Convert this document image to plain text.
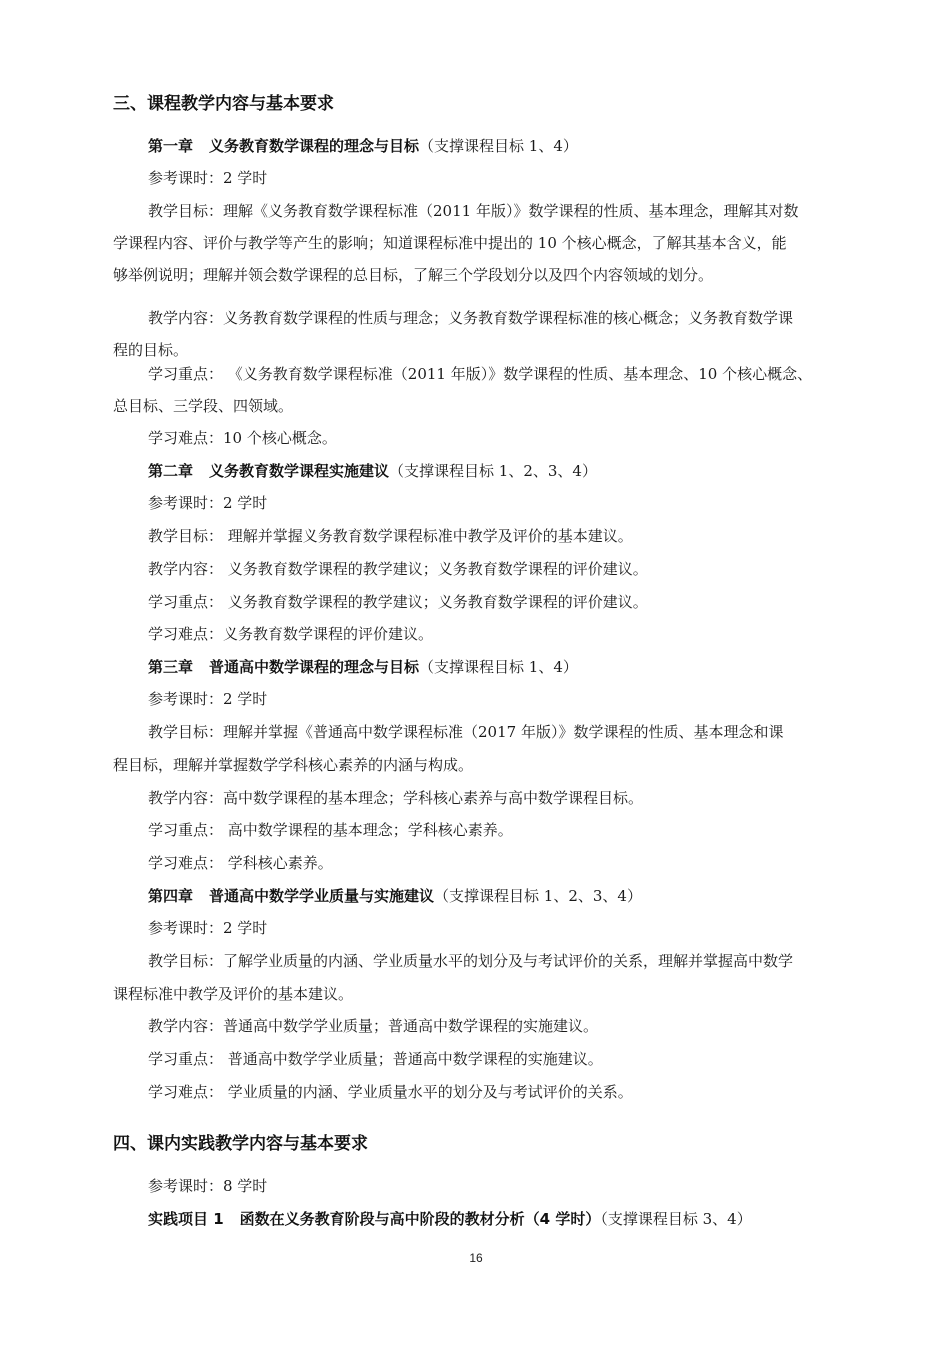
三、课程教学内容与基本要求
第一章 义务教育数学课程的理念与目标（支撑课程目标 1、4）
参考课时：2 学时
教学目标：理解《义务教育数学课程标准（2011 年版）》数学课程的性质、基本理念，理解其对数
学课程内容、评价与教学等产生的影响；知道课程标准中提出的 10 个核心概念，了解其基本含义，能
够举例说明；理解并领会数学课程的总目标，了解三个学段划分以及四个内容领域的划分。
教学内容：义务教育数学课程的性质与理念；义务教育数学课程标准的核心概念；义务教育数学课
程的目标。
学习重点： 《义务教育数学课程标准（2011 年版）》数学课程的性质、基本理念、10 个核心概念、
总目标、三学段、四领域。
学习难点：10 个核心概念。
第二章 义务教育数学课程实施建议（支撑课程目标 1、2、3、4）
参考课时：2 学时
教学目标： 理解并掌握义务教育数学课程标准中教学及评价的基本建议。
教学内容： 义务教育数学课程的教学建议；义务教育数学课程的评价建议。
学习重点： 义务教育数学课程的教学建议；义务教育数学课程的评价建议。
学习难点：义务教育数学课程的评价建议。
第三章 普通高中数学课程的理念与目标（支撑课程目标 1、4）
参考课时：2 学时
教学目标：理解并掌握《普通高中数学课程标准（2017 年版）》数学课程的性质、基本理念和课
程目标，理解并掌握数学学科核心素养的内涵与构成。
教学内容：高中数学课程的基本理念；学科核心素养与高中数学课程目标。
学习重点： 高中数学课程的基本理念；学科核心素养。
学习难点： 学科核心素养。
第四章 普通高中数学学业质量与实施建议（支撑课程目标 1、2、3、4）
参考课时：2 学时
教学目标：了解学业质量的内涵、学业质量水平的划分及与考试评价的关系，理解并掌握高中数学
课程标准中教学及评价的基本建议。
教学内容：普通高中数学学业质量；普通高中数学课程的实施建议。
学习重点： 普通高中数学学业质量；普通高中数学课程的实施建议。
学习难点： 学业质量的内涵、学业质量水平的划分及与考试评价的关系。
四、课内实践教学内容与基本要求
参考课时：8 学时
实践项目 1 函数在义务教育阶段与高中阶段的教材分析（4 学时）（支撑课程目标 3、4）
16
